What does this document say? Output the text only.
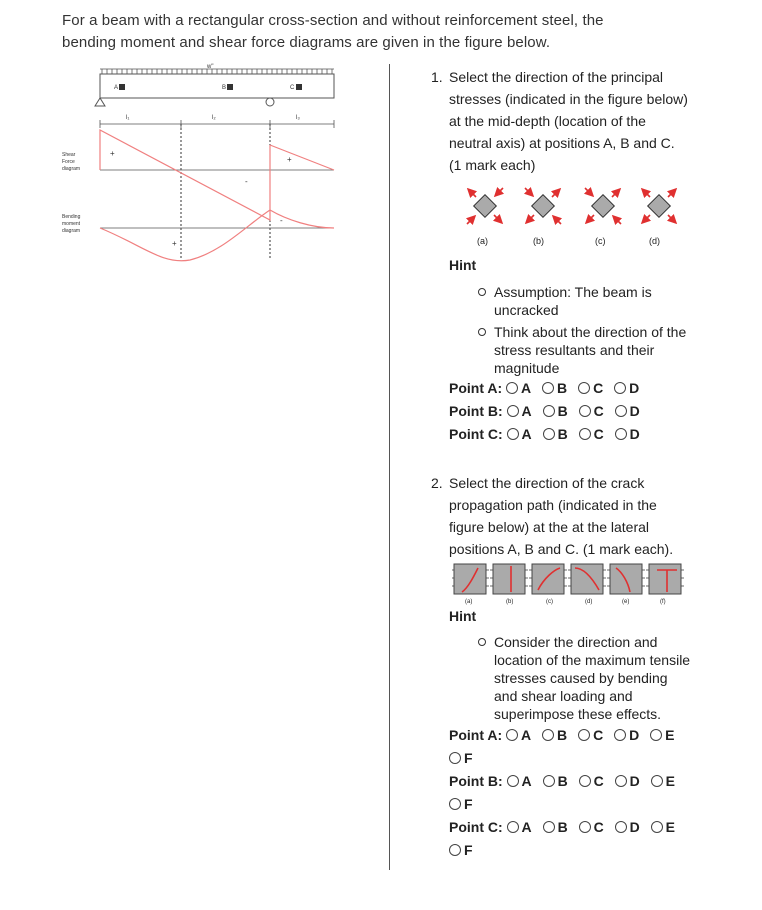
For a beam with a rectangular cross-section and without reinforcement steel, the
bending moment and shear force diagrams are given in the figure below.
w"
A	B	C
l₁	l₂	l₃
Shear
Force
diagram
+
+
-
Bending
moment
diagram
+
-
1. Select the direction of the principal
stresses (indicated in the figure below)
at the mid-depth (location of the
neutral axis) at positions A, B and C.
(1 mark each)
(a)	(b)	(c)	(d)
Hint
Assumption: The beam is
uncracked
Think about the direction of the
stress resultants and their
magnitude
Point A: A B C D
Point B: A B C D
Point C: A B C D
2. Select the direction of the crack
propagation path (indicated in the
figure below) at the at the lateral
positions A, B and C. (1 mark each).
(a)	(b)	(c)	(d)	(e)	(f)
Hint
Consider the direction and
location of the maximum tensile
stresses caused by bending
and shear loading and
superimpose these effects.
Point A: A B C D E
F
Point B: A B C D E
F
Point C: A B C D E
F
